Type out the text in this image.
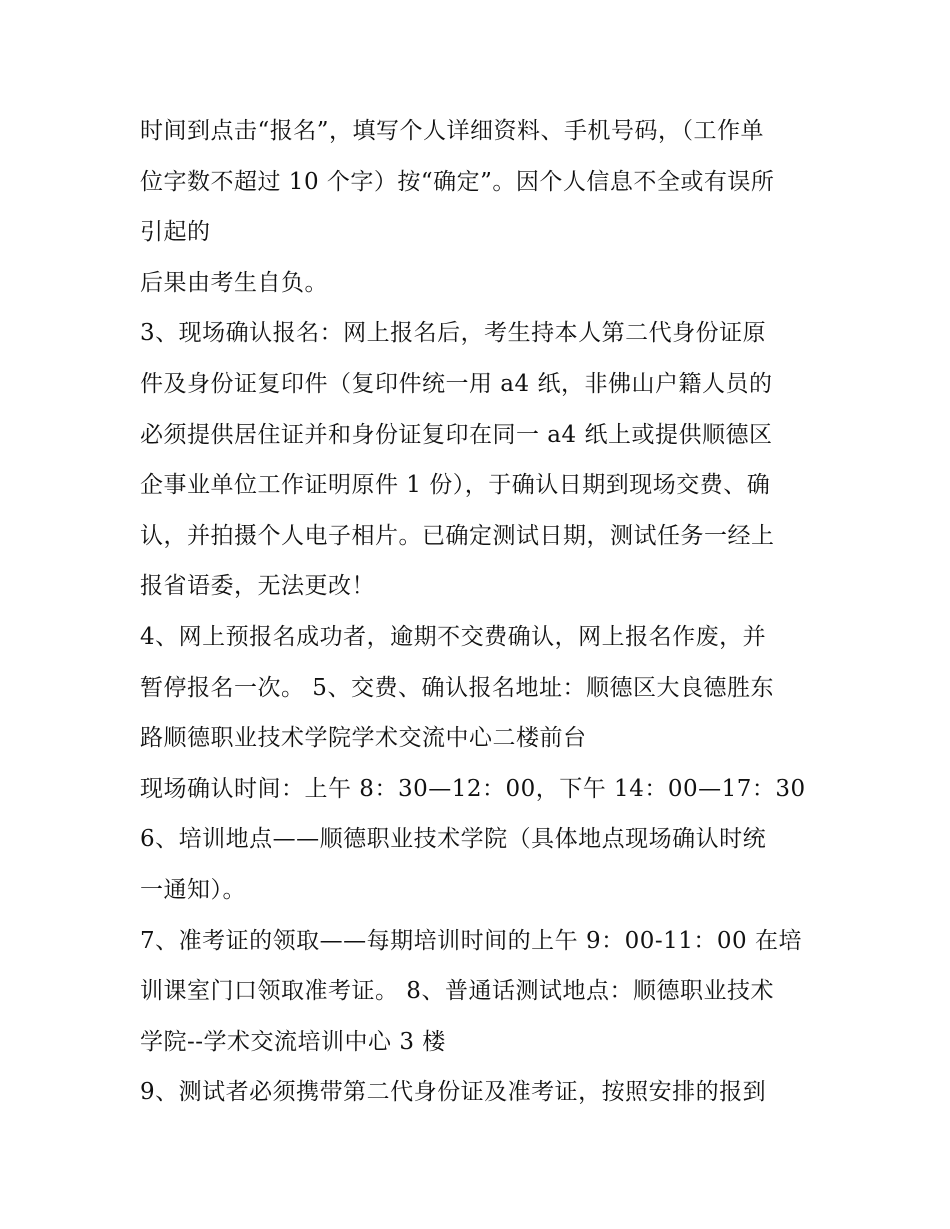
时间到点击“报名”，填写个人详细资料、手机号码，（工作单
位字数不超过 10 个字）按“确定”。因个人信息不全或有误所
引起的
后果由考生自负。
3、现场确认报名：网上报名后，考生持本人第二代身份证原
件及身份证复印件（复印件统一用 a4 纸，非佛山户籍人员的
必须提供居住证并和身份证复印在同一 a4 纸上或提供顺德区
企事业单位工作证明原件 1 份），于确认日期到现场交费、确
认，并拍摄个人电子相片。已确定测试日期，测试任务一经上
报省语委，无法更改！
4、网上预报名成功者，逾期不交费确认，网上报名作废，并
暂停报名一次。 5、交费、确认报名地址：顺德区大良德胜东
路顺德职业技术学院学术交流中心二楼前台
现场确认时间：上午 8：30—12：00，下午 14：00—17：30
6、培训地点——顺德职业技术学院（具体地点现场确认时统
一通知）。
7、准考证的领取——每期培训时间的上午 9：00-11：00 在培
训课室门口领取准考证。 8、普通话测试地点：顺德职业技术
学院--学术交流培训中心 3 楼
9、测试者必须携带第二代身份证及准考证，按照安排的报到
